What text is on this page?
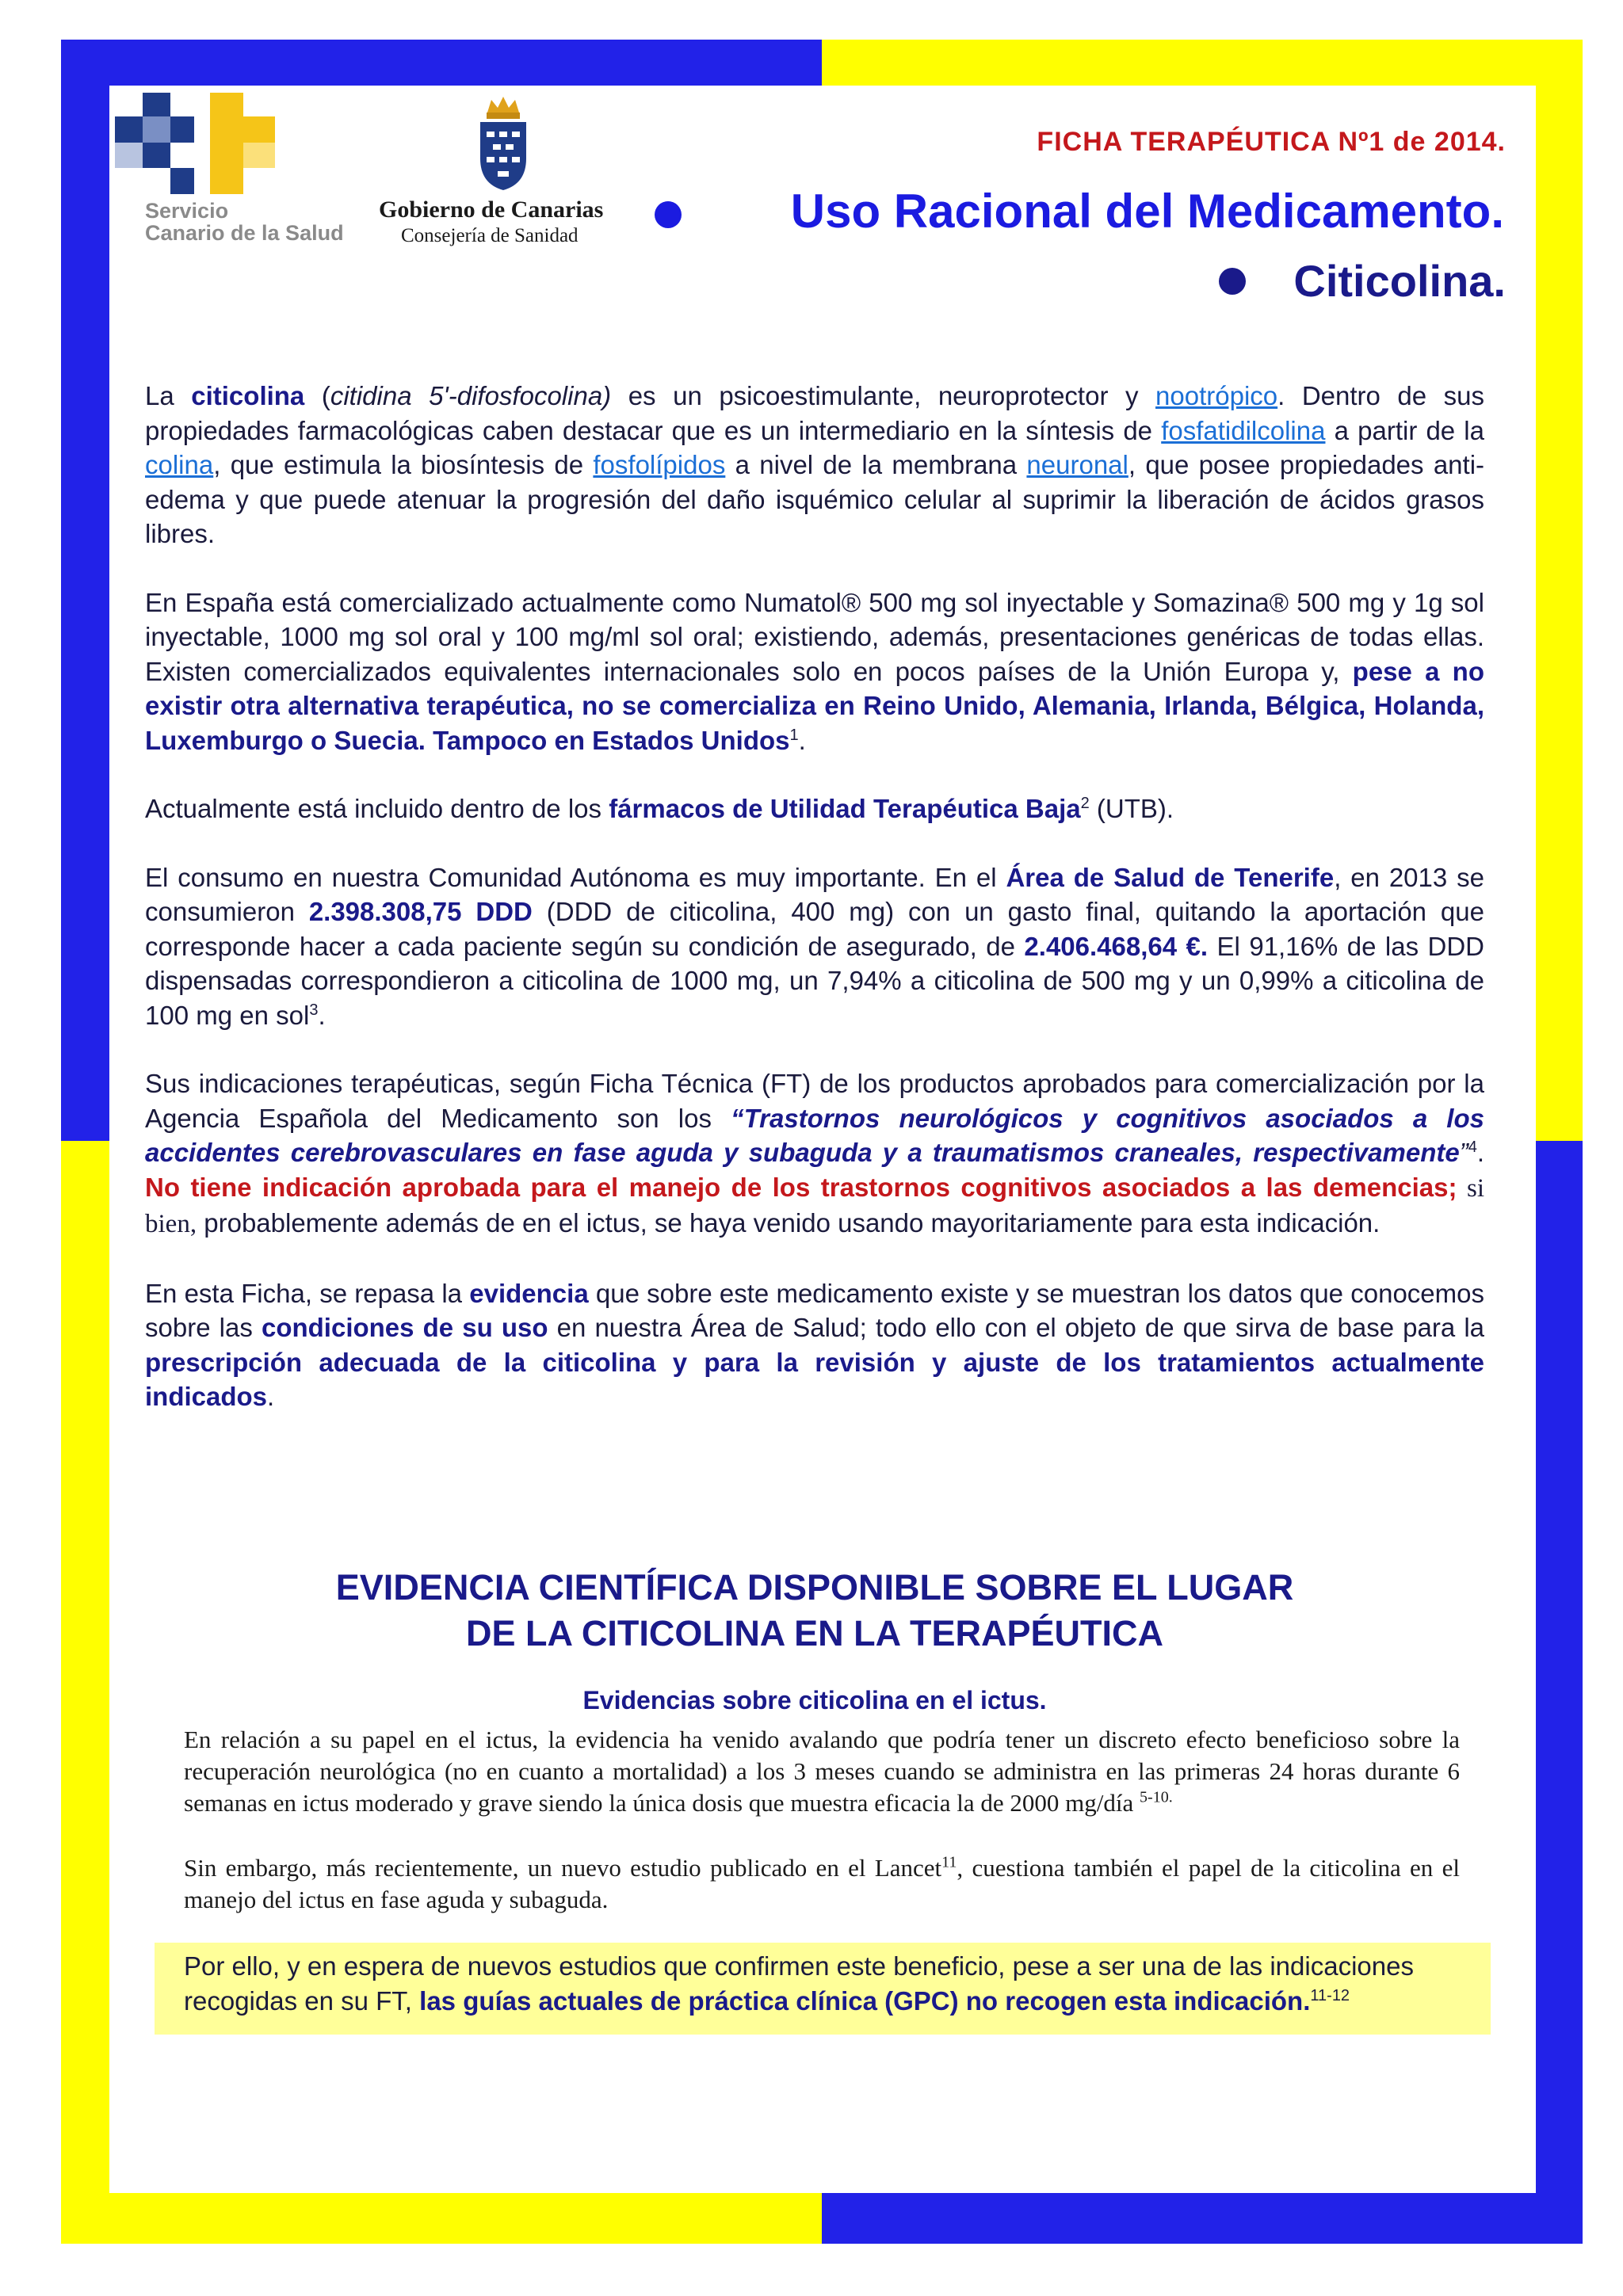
Servicio
Canario de la Salud
Gobierno de Canarias
Consejería de Sanidad
FICHA TERAPÉUTICA Nº1 de 2014.
Uso Racional del Medicamento.
Citicolina.

La citicolina (citidina 5'-difosfocolina) es un psicoestimulante, neuroprotector y nootrópico. Dentro de sus propiedades farmacológicas caben destacar que es un intermediario en la síntesis de fosfatidilcolina a partir de la colina, que estimula la biosíntesis de fosfolípidos a nivel de la membrana neuronal, que posee propiedades anti-edema y que puede atenuar la progresión del daño isquémico celular al suprimir la liberación de ácidos grasos libres.

En España está comercializado actualmente como Numatol® 500 mg sol inyectable y Somazina® 500 mg y 1g sol inyectable, 1000 mg sol oral y 100 mg/ml sol oral; existiendo, además, presentaciones genéricas de todas ellas. Existen comercializados equivalentes internacionales solo en pocos países de la Unión Europa y, pese a no existir otra alternativa terapéutica, no se comercializa en Reino Unido, Alemania, Irlanda, Bélgica, Holanda, Luxemburgo o Suecia. Tampoco en Estados Unidos$^1$.

Actualmente está incluido dentro de los fármacos de Utilidad Terapéutica Baja$^2$ (UTB).

El consumo en nuestra Comunidad Autónoma es muy importante. En el Área de Salud de Tenerife, en 2013 se consumieron 2.398.308,75 DDD (DDD de citicolina, 400 mg) con un gasto final, quitando la aportación que corresponde hacer a cada paciente según su condición de asegurado, de 2.406.468,64 €. El 91,16% de las DDD dispensadas correspondieron a citicolina de 1000 mg, un 7,94% a citicolina de 500 mg y un 0,99% a citicolina de 100 mg en sol$^3$.

Sus indicaciones terapéuticas, según Ficha Técnica (FT) de los productos aprobados para comercialización por la Agencia Española del Medicamento son los “Trastornos neurológicos y cognitivos asociados a los accidentes cerebrovasculares en fase aguda y subaguda y a traumatismos craneales, respectivamente”$^4$. No tiene indicación aprobada para el manejo de los trastornos cognitivos asociados a las demencias; si bien, probablemente además de en el ictus, se haya venido usando mayoritariamente para esta indicación.

En esta Ficha, se repasa la evidencia que sobre este medicamento existe y se muestran los datos que conocemos sobre las condiciones de su uso en nuestra Área de Salud; todo ello con el objeto de que sirva de base para la prescripción adecuada de la citicolina y para la revisión y ajuste de los tratamientos actualmente indicados.

EVIDENCIA CIENTÍFICA DISPONIBLE SOBRE EL LUGAR
DE LA CITICOLINA EN LA TERAPÉUTICA
Evidencias sobre citicolina en el ictus.

En relación a su papel en el ictus, la evidencia ha venido avalando que podría tener un discreto efecto beneficioso sobre la recuperación neurológica (no en cuanto a mortalidad) a los 3 meses cuando se administra en las primeras 24 horas durante 6 semanas en ictus moderado y grave siendo la única dosis que muestra eficacia la de 2000 mg/día $^{5-10.}$

Sin embargo, más recientemente, un nuevo estudio publicado en el Lancet$^{11}$, cuestiona también el papel de la citicolina en el manejo del ictus en fase aguda y subaguda.

Por ello, y en espera de nuevos estudios que confirmen este beneficio, pese a ser una de las indicaciones recogidas en su FT, las guías actuales de práctica clínica (GPC) no recogen esta indicación.$^{11-12}$
